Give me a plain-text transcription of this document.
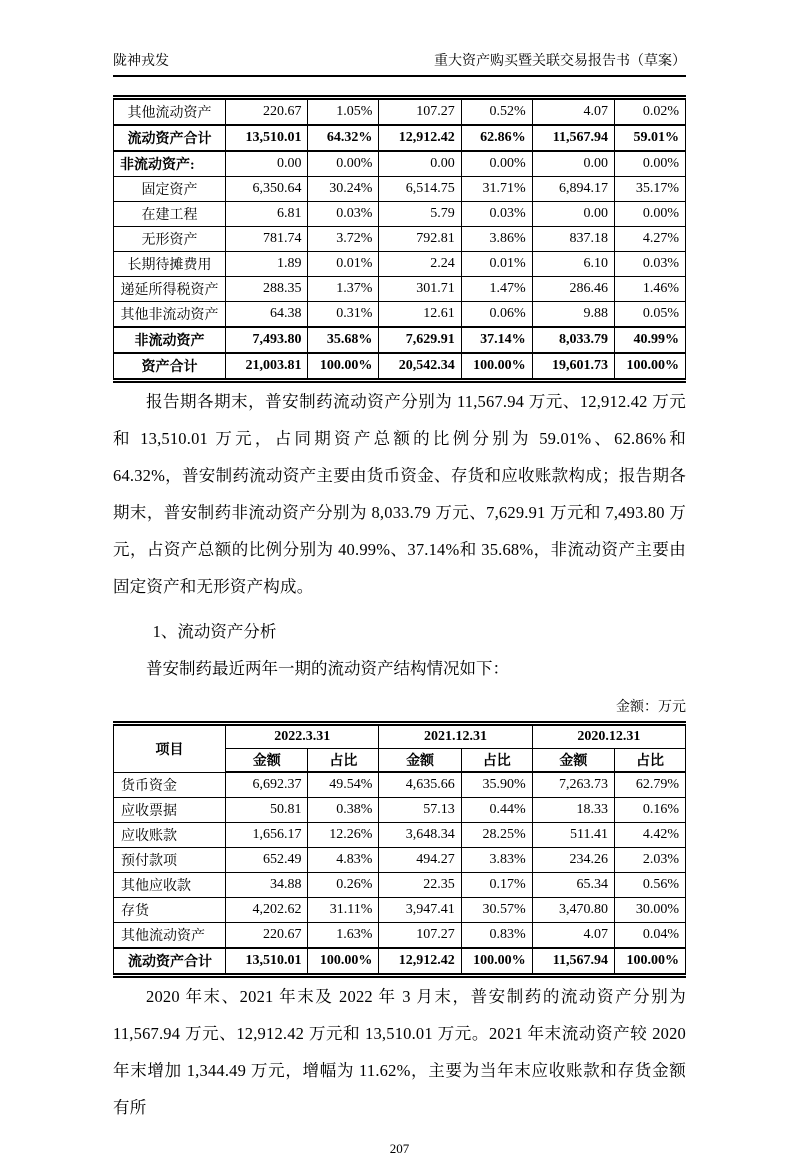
陇神戎发	重大资产购买暨关联交易报告书（草案）
其他流动资产	220.67	1.05%	107.27	0.52%	4.07	0.02%
流动资产合计	13,510.01	64.32%	12,912.42	62.86%	11,567.94	59.01%
非流动资产:	0.00	0.00%	0.00	0.00%	0.00	0.00%
固定资产	6,350.64	30.24%	6,514.75	31.71%	6,894.17	35.17%
在建工程	6.81	0.03%	5.79	0.03%	0.00	0.00%
无形资产	781.74	3.72%	792.81	3.86%	837.18	4.27%
长期待摊费用	1.89	0.01%	2.24	0.01%	6.10	0.03%
递延所得税资产	288.35	1.37%	301.71	1.47%	286.46	1.46%
其他非流动资产	64.38	0.31%	12.61	0.06%	9.88	0.05%
非流动资产	7,493.80	35.68%	7,629.91	37.14%	8,033.79	40.99%
资产合计	21,003.81	100.00%	20,542.34	100.00%	19,601.73	100.00%

报告期各期末，普安制药流动资产分别为 11,567.94 万元、12,912.42 万元和 13,510.01 万元，占同期资产总额的比例分别为 59.01%、62.86%和 64.32%，普安制药流动资产主要由货币资金、存货和应收账款构成；报告期各期末，普安制药非流动资产分别为 8,033.79 万元、7,629.91 万元和 7,493.80 万元，占资产总额的比例分别为 40.99%、37.14%和 35.68%，非流动资产主要由固定资产和无形资产构成。

1、流动资产分析

普安制药最近两年一期的流动资产结构情况如下：

金额：万元
项目	2022.3.31		2021.12.31		2020.12.31	
	金额	占比	金额	占比	金额	占比
货币资金	6,692.37	49.54%	4,635.66	35.90%	7,263.73	62.79%
应收票据	50.81	0.38%	57.13	0.44%	18.33	0.16%
应收账款	1,656.17	12.26%	3,648.34	28.25%	511.41	4.42%
预付款项	652.49	4.83%	494.27	3.83%	234.26	2.03%
其他应收款	34.88	0.26%	22.35	0.17%	65.34	0.56%
存货	4,202.62	31.11%	3,947.41	30.57%	3,470.80	30.00%
其他流动资产	220.67	1.63%	107.27	0.83%	4.07	0.04%
流动资产合计	13,510.01	100.00%	12,912.42	100.00%	11,567.94	100.00%

2020 年末、2021 年末及 2022 年 3 月末，普安制药的流动资产分别为 11,567.94 万元、12,912.42 万元和 13,510.01 万元。2021 年末流动资产较 2020 年末增加 1,344.49 万元，增幅为 11.62%，主要为当年末应收账款和存货金额有所

207
